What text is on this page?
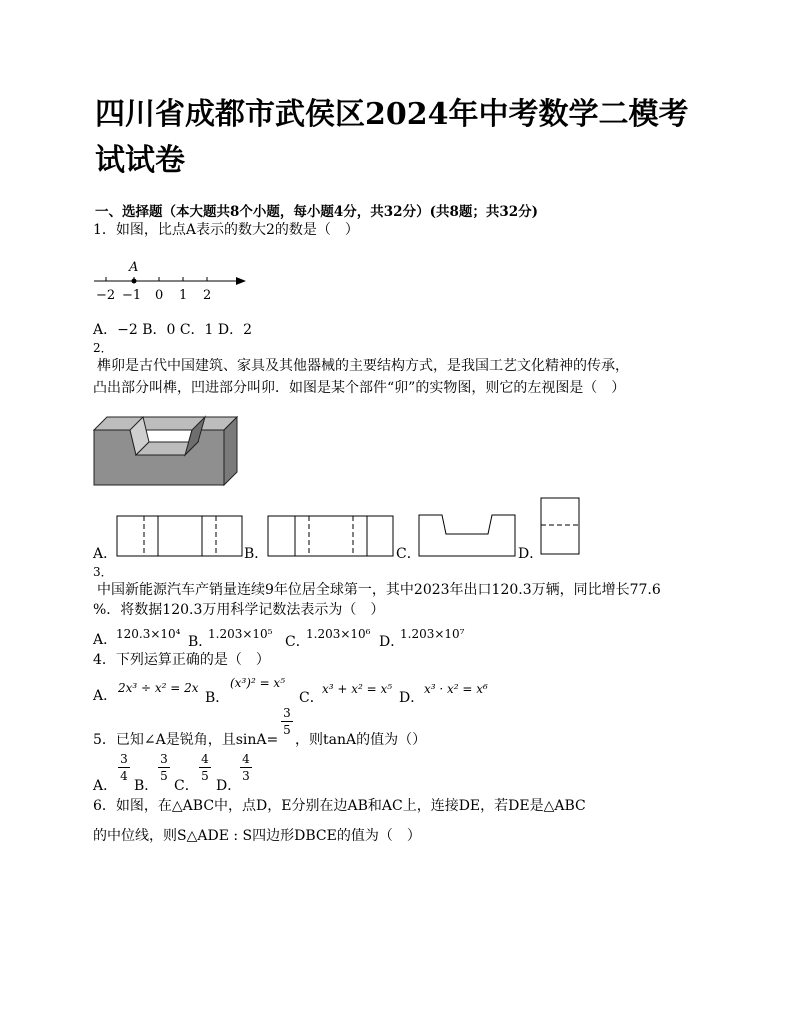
四川省成都市武侯区2024年中考数学二模考
试试卷
一、选择题（本大题共8个小题，每小题4分，共32分）(共8题；共32分)
1．如图，比点A表示的数大2的数是（　）
A
−2 −1 0 1 2
A．−2 B．0 C．1 D．2
2．
榫卯是古代中国建筑、家具及其他器械的主要结构方式，是我国工艺文化精神的传承，
凸出部分叫榫，凹进部分叫卯．如图是某个部件“卯”的实物图，则它的左视图是（　）
A．	B．	C．	D．
3．
中国新能源汽车产销量连续9年位居全球第一，其中2023年出口120.3万辆，同比增长77.6
%．将数据120.3万用科学记数法表示为（　）
A．
120.3×10⁴ B．
1.203×10⁵ C．
1.203×10⁶ D．
1.203×10⁷
4．下列运算正确的是（　）
A． 2x³ ÷ x² = 2x
B．
(x³)² = x⁵
C．
x³ + x² = x⁵
D．
x³ · x² = x⁶
5．已知∠A是锐角，且sinA=
3
5
，则tanA的值为（）
A．
3
4
B．
3
5
C．
4
5
D．
4
3
6．如图，在△ABC中，点D，E分别在边AB和AC上，连接DE，若DE是△ABC
的中位线，则S△ADE : S四边形DBCE的值为（　）
